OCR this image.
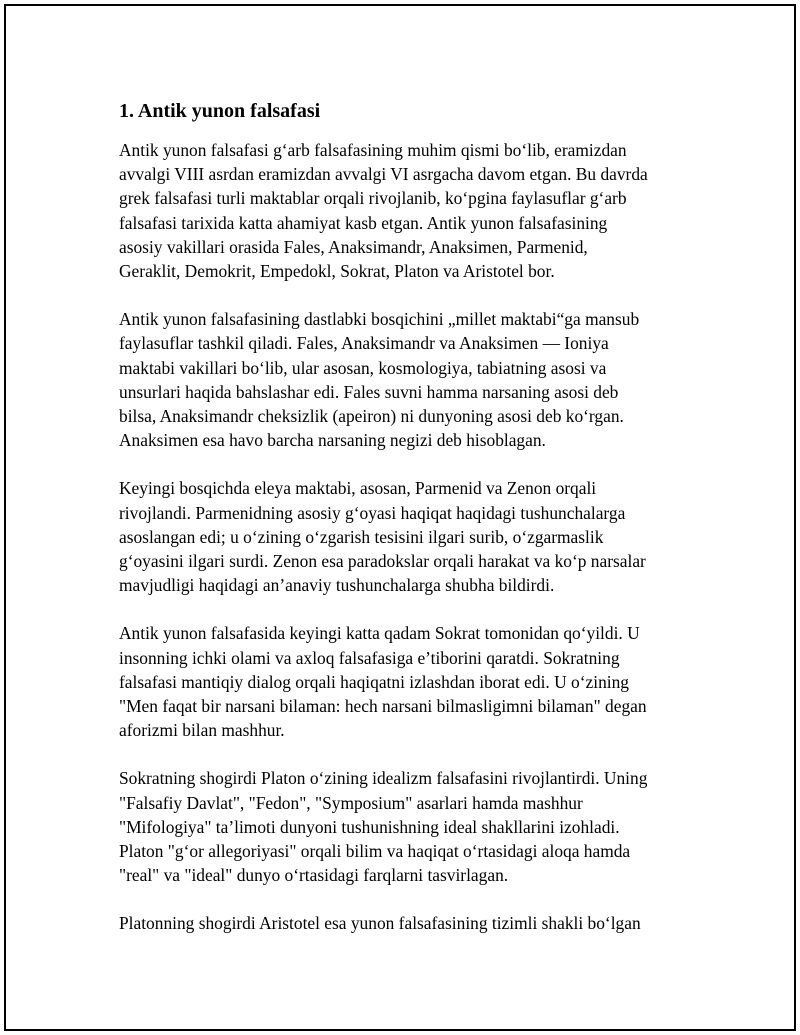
1. Antik yunon falsafasi

Antik yunon falsafasi g‘arb falsafasining muhim qismi bo‘lib, eramizdan
avvalgi VIII asrdan eramizdan avvalgi VI asrgacha davom etgan. Bu davrda
grek falsafasi turli maktablar orqali rivojlanib, ko‘pgina faylasuflar g‘arb
falsafasi tarixida katta ahamiyat kasb etgan. Antik yunon falsafasining
asosiy vakillari orasida Fales, Anaksimandr, Anaksimen, Parmenid,
Geraklit, Demokrit, Empedokl, Sokrat, Platon va Aristotel bor.

Antik yunon falsafasining dastlabki bosqichini „millet maktabi“ga mansub
faylasuflar tashkil qiladi. Fales, Anaksimandr va Anaksimen — Ioniya
maktabi vakillari bo‘lib, ular asosan, kosmologiya, tabiatning asosi va
unsurlari haqida bahslashar edi. Fales suvni hamma narsaning asosi deb
bilsa, Anaksimandr cheksizlik (apeiron) ni dunyoning asosi deb ko‘rgan.
Anaksimen esa havo barcha narsaning negizi deb hisoblagan.

Keyingi bosqichda eleya maktabi, asosan, Parmenid va Zenon orqali
rivojlandi. Parmenidning asosiy g‘oyasi haqiqat haqidagi tushunchalarga
asoslangan edi; u o‘zining o‘zgarish tesisini ilgari surib, o‘zgarmaslik
g‘oyasini ilgari surdi. Zenon esa paradokslar orqali harakat va ko‘p narsalar
mavjudligi haqidagi an’anaviy tushunchalarga shubha bildirdi.

Antik yunon falsafasida keyingi katta qadam Sokrat tomonidan qo‘yildi. U
insonning ichki olami va axloq falsafasiga e’tiborini qaratdi. Sokratning
falsafasi mantiqiy dialog orqali haqiqatni izlashdan iborat edi. U o‘zining
"Men faqat bir narsani bilaman: hech narsani bilmasligimni bilaman" degan
aforizmi bilan mashhur.

Sokratning shogirdi Platon o‘zining idealizm falsafasini rivojlantirdi. Uning
"Falsafiy Davlat", "Fedon", "Symposium" asarlari hamda mashhur
"Mifologiya" ta’limoti dunyoni tushunishning ideal shakllarini izohladi.
Platon "g‘or allegoriyasi" orqali bilim va haqiqat o‘rtasidagi aloqa hamda
"real" va "ideal" dunyo o‘rtasidagi farqlarni tasvirlagan.

Platonning shogirdi Aristotel esa yunon falsafasining tizimli shakli bo‘lgan
